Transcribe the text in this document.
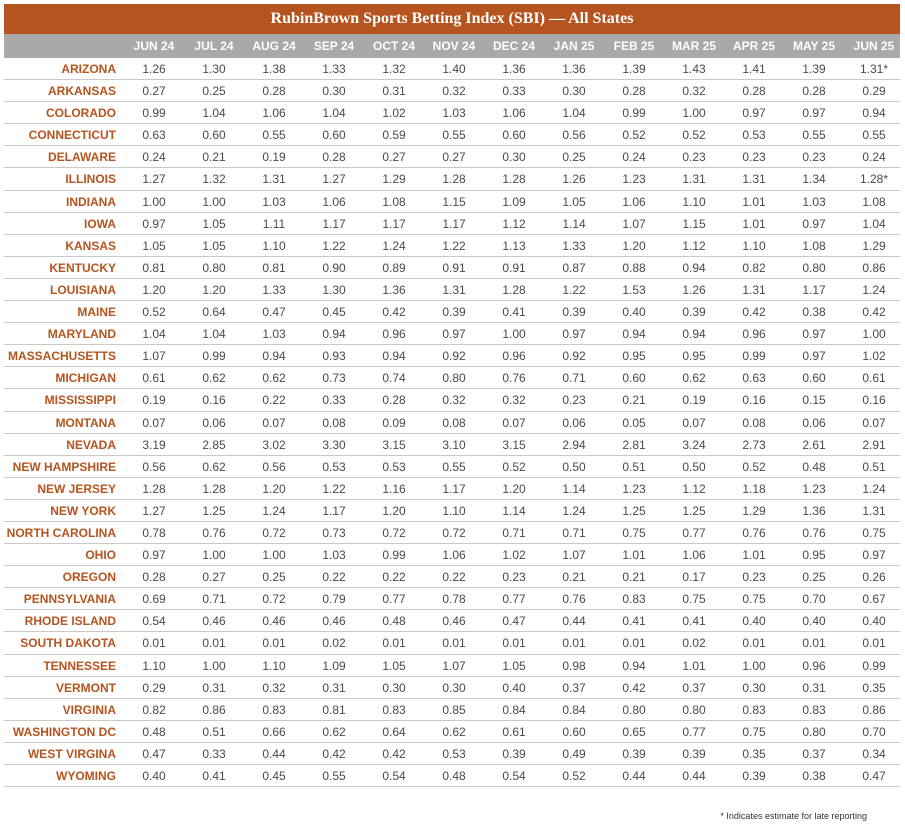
RubinBrown Sports Betting Index (SBI) — All States
JUN 24	JUL 24	AUG 24	SEP 24	OCT 24	NOV 24	DEC 24	JAN 25	FEB 25	MAR 25	APR 25	MAY 25	JUN 25
ARIZONA	1.26	1.30	1.38	1.33	1.32	1.40	1.36	1.36	1.39	1.43	1.41	1.39	1.31*
ARKANSAS	0.27	0.25	0.28	0.30	0.31	0.32	0.33	0.30	0.28	0.32	0.28	0.28	0.29
COLORADO	0.99	1.04	1.06	1.04	1.02	1.03	1.06	1.04	0.99	1.00	0.97	0.97	0.94
CONNECTICUT	0.63	0.60	0.55	0.60	0.59	0.55	0.60	0.56	0.52	0.52	0.53	0.55	0.55
DELAWARE	0.24	0.21	0.19	0.28	0.27	0.27	0.30	0.25	0.24	0.23	0.23	0.23	0.24
ILLINOIS	1.27	1.32	1.31	1.27	1.29	1.28	1.28	1.26	1.23	1.31	1.31	1.34	1.28*
INDIANA	1.00	1.00	1.03	1.06	1.08	1.15	1.09	1.05	1.06	1.10	1.01	1.03	1.08
IOWA	0.97	1.05	1.11	1.17	1.17	1.17	1.12	1.14	1.07	1.15	1.01	0.97	1.04
KANSAS	1.05	1.05	1.10	1.22	1.24	1.22	1.13	1.33	1.20	1.12	1.10	1.08	1.29
KENTUCKY	0.81	0.80	0.81	0.90	0.89	0.91	0.91	0.87	0.88	0.94	0.82	0.80	0.86
LOUISIANA	1.20	1.20	1.33	1.30	1.36	1.31	1.28	1.22	1.53	1.26	1.31	1.17	1.24
MAINE	0.52	0.64	0.47	0.45	0.42	0.39	0.41	0.39	0.40	0.39	0.42	0.38	0.42
MARYLAND	1.04	1.04	1.03	0.94	0.96	0.97	1.00	0.97	0.94	0.94	0.96	0.97	1.00
MASSACHUSETTS	1.07	0.99	0.94	0.93	0.94	0.92	0.96	0.92	0.95	0.95	0.99	0.97	1.02
MICHIGAN	0.61	0.62	0.62	0.73	0.74	0.80	0.76	0.71	0.60	0.62	0.63	0.60	0.61
MISSISSIPPI	0.19	0.16	0.22	0.33	0.28	0.32	0.32	0.23	0.21	0.19	0.16	0.15	0.16
MONTANA	0.07	0.06	0.07	0.08	0.09	0.08	0.07	0.06	0.05	0.07	0.08	0.06	0.07
NEVADA	3.19	2.85	3.02	3.30	3.15	3.10	3.15	2.94	2.81	3.24	2.73	2.61	2.91
NEW HAMPSHIRE	0.56	0.62	0.56	0.53	0.53	0.55	0.52	0.50	0.51	0.50	0.52	0.48	0.51
NEW JERSEY	1.28	1.28	1.20	1.22	1.16	1.17	1.20	1.14	1.23	1.12	1.18	1.23	1.24
NEW YORK	1.27	1.25	1.24	1.17	1.20	1.10	1.14	1.24	1.25	1.25	1.29	1.36	1.31
NORTH CAROLINA	0.78	0.76	0.72	0.73	0.72	0.72	0.71	0.71	0.75	0.77	0.76	0.76	0.75
OHIO	0.97	1.00	1.00	1.03	0.99	1.06	1.02	1.07	1.01	1.06	1.01	0.95	0.97
OREGON	0.28	0.27	0.25	0.22	0.22	0.22	0.23	0.21	0.21	0.17	0.23	0.25	0.26
PENNSYLVANIA	0.69	0.71	0.72	0.79	0.77	0.78	0.77	0.76	0.83	0.75	0.75	0.70	0.67
RHODE ISLAND	0.54	0.46	0.46	0.46	0.48	0.46	0.47	0.44	0.41	0.41	0.40	0.40	0.40
SOUTH DAKOTA	0.01	0.01	0.01	0.02	0.01	0.01	0.01	0.01	0.01	0.02	0.01	0.01	0.01
TENNESSEE	1.10	1.00	1.10	1.09	1.05	1.07	1.05	0.98	0.94	1.01	1.00	0.96	0.99
VERMONT	0.29	0.31	0.32	0.31	0.30	0.30	0.40	0.37	0.42	0.37	0.30	0.31	0.35
VIRGINIA	0.82	0.86	0.83	0.81	0.83	0.85	0.84	0.84	0.80	0.80	0.83	0.83	0.86
WASHINGTON DC	0.48	0.51	0.66	0.62	0.64	0.62	0.61	0.60	0.65	0.77	0.75	0.80	0.70
WEST VIRGINA	0.47	0.33	0.44	0.42	0.42	0.53	0.39	0.49	0.39	0.39	0.35	0.37	0.34
WYOMING	0.40	0.41	0.45	0.55	0.54	0.48	0.54	0.52	0.44	0.44	0.39	0.38	0.47
* Indicates estimate for late reporting
